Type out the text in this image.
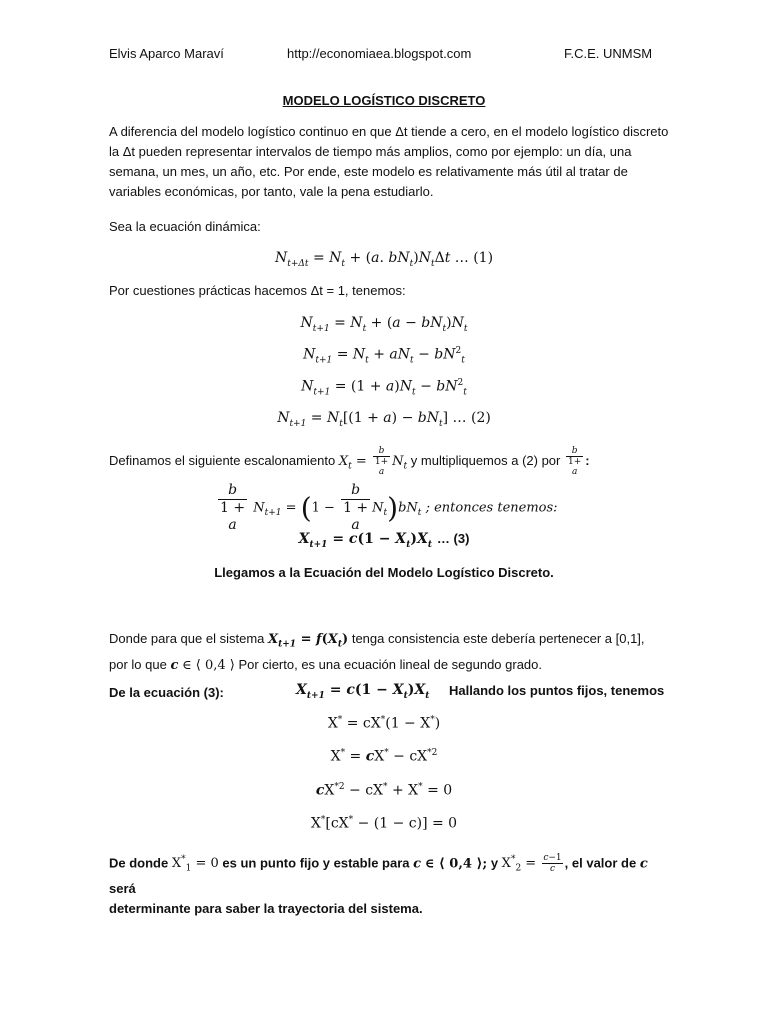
Elvis Aparco Maraví	http://economiaea.blogspot.com	F.C.E. UNMSM
MODELO LOGÍSTICO DISCRETO

A diferencia del modelo logístico continuo en que Δt tiende a cero, en el modelo logístico discreto la Δt pueden representar intervalos de tiempo más amplios, como por ejemplo: un día, una semana, un mes, un año, etc. Por ende, este modelo es relativamente más útil al tratar de variables económicas, por tanto, vale la pena estudiarlo.

Sea la ecuación dinámica:

$N_{t+\Delta t} = N_t + (a$. $bN_t)N_t\Delta t$ … (1)

Por cuestiones prácticas hacemos Δt = 1, tenemos:

$N_{t+1} = N_t + (a - bN_t)N_t$
$N_{t+1} = N_t + aN_t - bN^2_t$
$N_{t+1} = (1 + a)N_t - bN^2_t$
$N_{t+1} = N_t[(1 + a) - bN_t]$ … (2)
Definamos el siguiente escalonamiento $X_t = b$
1+
a $N_t$ y multipliquemos a (2) por b
1+
a :
b
1 +
a $N_{t+1} = (1 - b$
1 +
a $N_t)bN_t$ ; entonces tenemos:
$X_{t+1} = c(1 - X_t)X_t$ … (3)
Llegamos a la Ecuación del Modelo Logístico Discreto.
Donde para que el sistema $X_{t+1} = f(X_t)$ tenga consistencia este debería pertenecer a [0,1],
por lo que c ∈ ⟨ 0,4 ⟩ Por cierto, es una ecuación lineal de segundo grado.
De la ecuación (3):	$X_{t+1} = c(1 - X_t)X_t$ Hallando los puntos fijos, tenemos
X* = cX*(1 − X*)
$X^* = cX^* - cX^{*2}$
$cX^{*2} - cX^* + X^* = 0$
X*[cX* − (1 − c)] = 0
De donde $X^*_1 = 0$ es un punto fijo y estable para c ∈ ⟨ 0,4 ⟩; y $X^*_2 = \frac{c-1}{c}$ , el valor de c será
determinante para saber la trayectoria del sistema.
